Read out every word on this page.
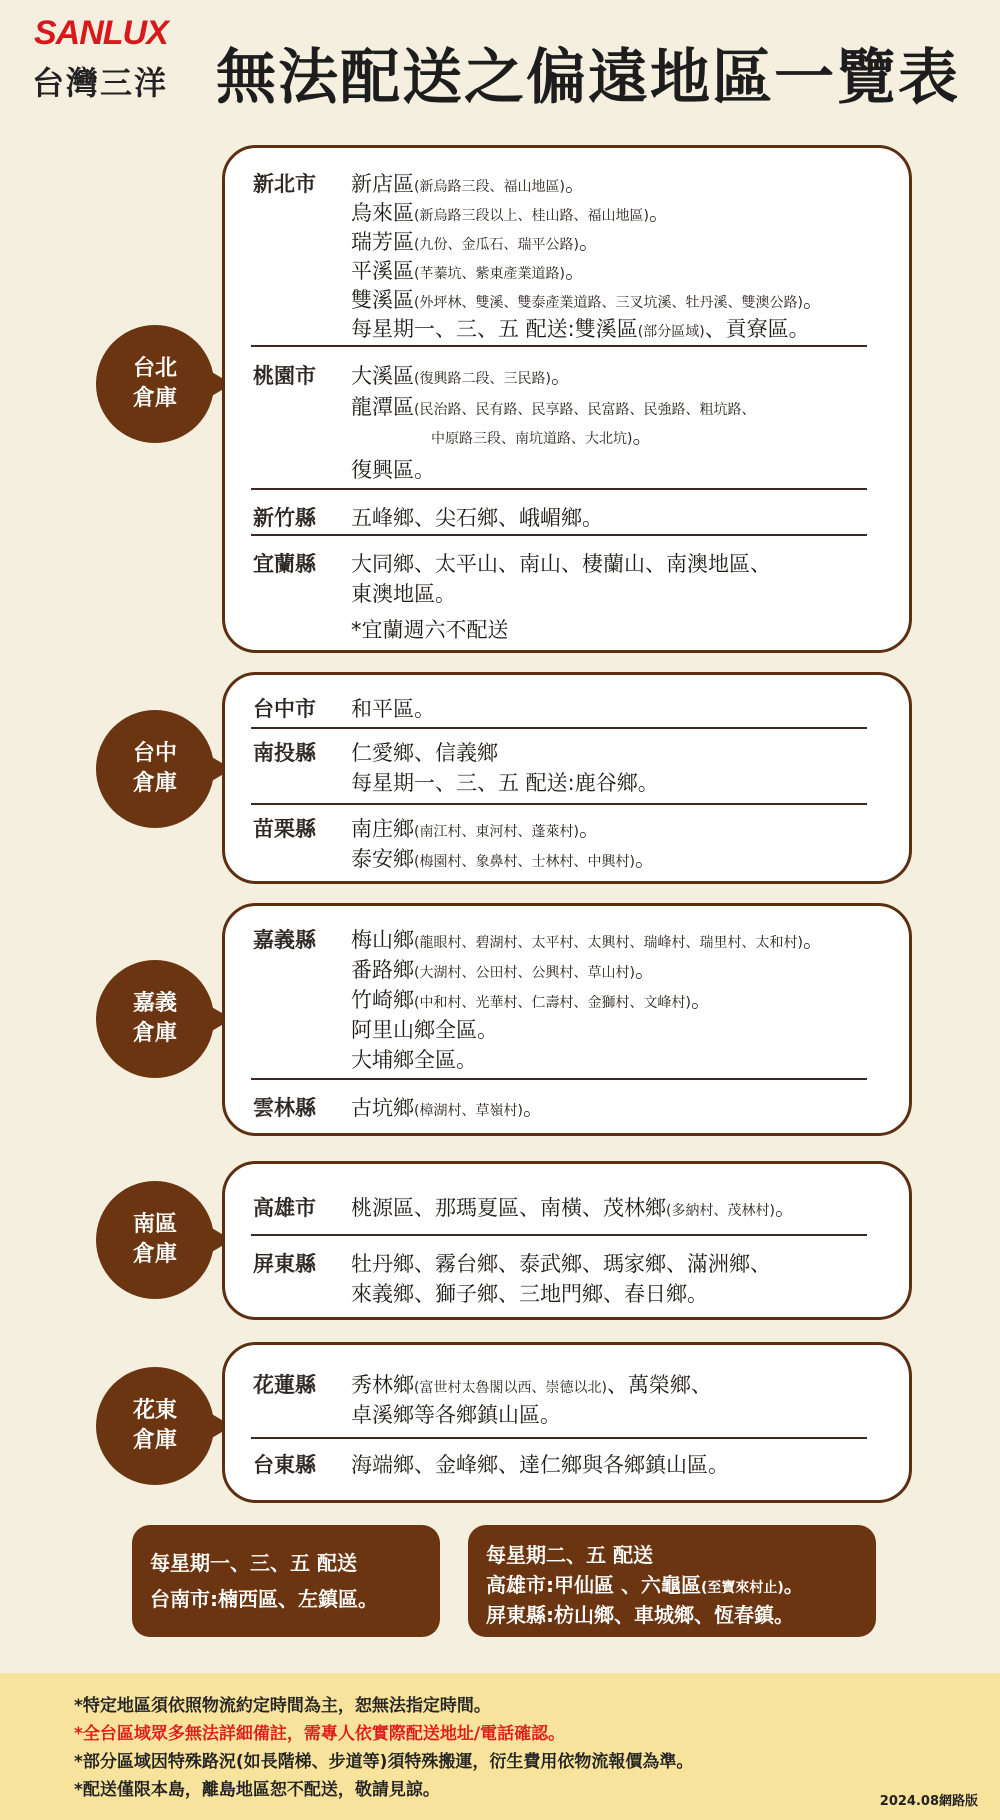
SANLUX
台灣三洋 無法配送之偏遠地區一覽表
台北倉庫
新北市 新店區(新烏路三段、福山地區)。
烏來區(新烏路三段以上、桂山路、福山地區)。
瑞芳區(九份、金瓜石、瑞平公路)。
平溪區(芊蓁坑、紫東產業道路)。
雙溪區(外坪林、雙溪、雙泰產業道路、三叉坑溪、牡丹溪、雙澳公路)。
每星期一、三、五 配送:雙溪區(部分區域)、貢寮區。
桃園市 大溪區(復興路二段、三民路)。
龍潭區(民治路、民有路、民享路、民富路、民強路、粗坑路、
中原路三段、南坑道路、大北坑)。
復興區。
新竹縣 五峰鄉、尖石鄉、峨嵋鄉。
宜蘭縣 大同鄉、太平山、南山、棲蘭山、南澳地區、
東澳地區。
*宜蘭週六不配送
台中倉庫
台中市 和平區。
南投縣 仁愛鄉、信義鄉
每星期一、三、五 配送:鹿谷鄉。
苗栗縣 南庄鄉(南江村、東河村、蓬萊村)。
泰安鄉(梅園村、象鼻村、士林村、中興村)。
嘉義倉庫
嘉義縣 梅山鄉(龍眼村、碧湖村、太平村、太興村、瑞峰村、瑞里村、太和村)。
番路鄉(大湖村、公田村、公興村、草山村)。
竹崎鄉(中和村、光華村、仁壽村、金獅村、文峰村)。
阿里山鄉全區。
大埔鄉全區。
雲林縣 古坑鄉(樟湖村、草嶺村)。
南區倉庫
高雄市 桃源區、那瑪夏區、南橫、茂林鄉(多納村、茂林村)。
屏東縣 牡丹鄉、霧台鄉、泰武鄉、瑪家鄉、滿洲鄉、
來義鄉、獅子鄉、三地門鄉、春日鄉。
花東倉庫
花蓮縣 秀林鄉(富世村太魯閣以西、崇德以北)、萬榮鄉、
卓溪鄉等各鄉鎮山區。
台東縣 海端鄉、金峰鄉、達仁鄉與各鄉鎮山區。
每星期一、三、五 配送
台南市:楠西區、左鎮區。
每星期二、五 配送
高雄市:甲仙區 、六龜區(至寶來村止)。
屏東縣:枋山鄉、車城鄉、恆春鎮。
*特定地區須依照物流約定時間為主，恕無法指定時間。
*全台區域眾多無法詳細備註，需專人依實際配送地址/電話確認。
*部分區域因特殊路況(如長階梯、步道等)須特殊搬運，衍生費用依物流報價為準。
*配送僅限本島，離島地區恕不配送，敬請見諒。
2024.08網路版
